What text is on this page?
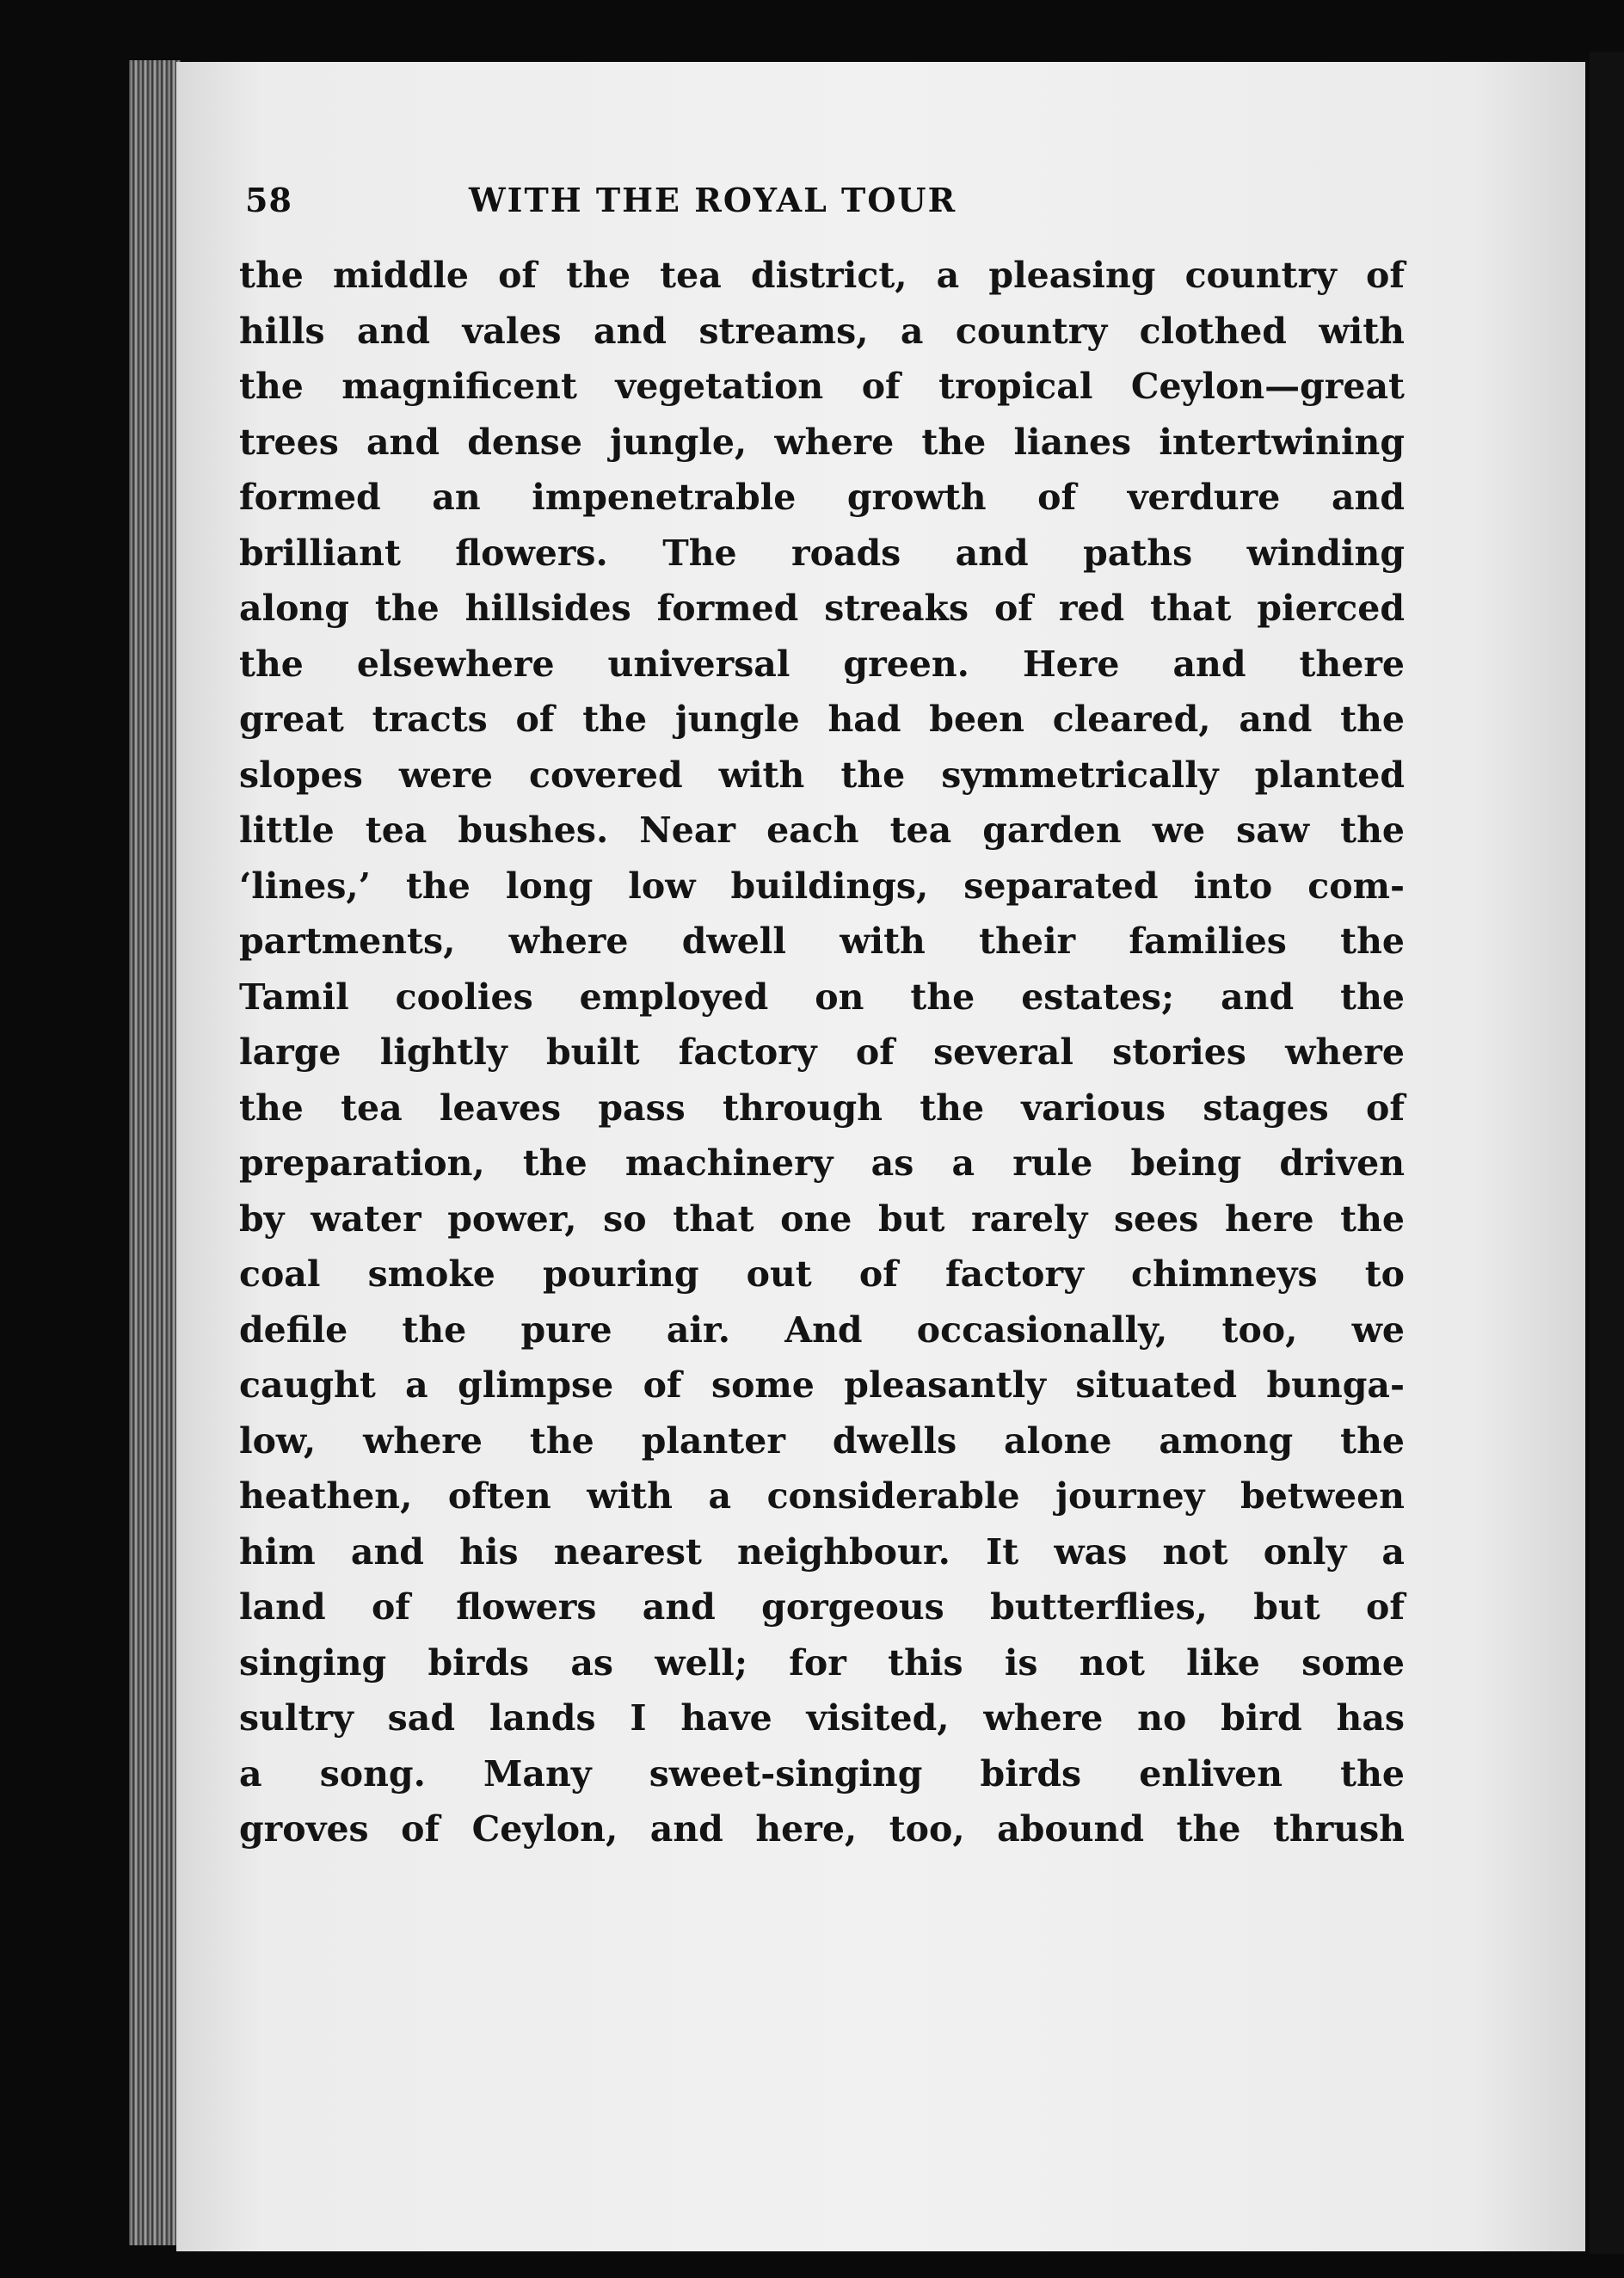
58	WITH THE ROYAL TOUR
the middle of the tea district, a pleasing country of
hills and vales and streams, a country clothed with
the magnificent vegetation of tropical Ceylon—great
trees and dense jungle, where the lianes intertwining
formed an impenetrable growth of verdure and
brilliant flowers. The roads and paths winding
along the hillsides formed streaks of red that pierced
the elsewhere universal green. Here and there
great tracts of the jungle had been cleared, and the
slopes were covered with the symmetrically planted
little tea bushes. Near each tea garden we saw the
‘lines,’ the long low buildings, separated into com-
partments, where dwell with their families the
Tamil coolies employed on the estates; and the
large lightly built factory of several stories where
the tea leaves pass through the various stages of
preparation, the machinery as a rule being driven
by water power, so that one but rarely sees here the
coal smoke pouring out of factory chimneys to
defile the pure air. And occasionally, too, we
caught a glimpse of some pleasantly situated bunga-
low, where the planter dwells alone among the
heathen, often with a considerable journey between
him and his nearest neighbour. It was not only a
land of flowers and gorgeous butterflies, but of
singing birds as well; for this is not like some
sultry sad lands I have visited, where no bird has
a song. Many sweet-singing birds enliven the
groves of Ceylon, and here, too, abound the thrush
